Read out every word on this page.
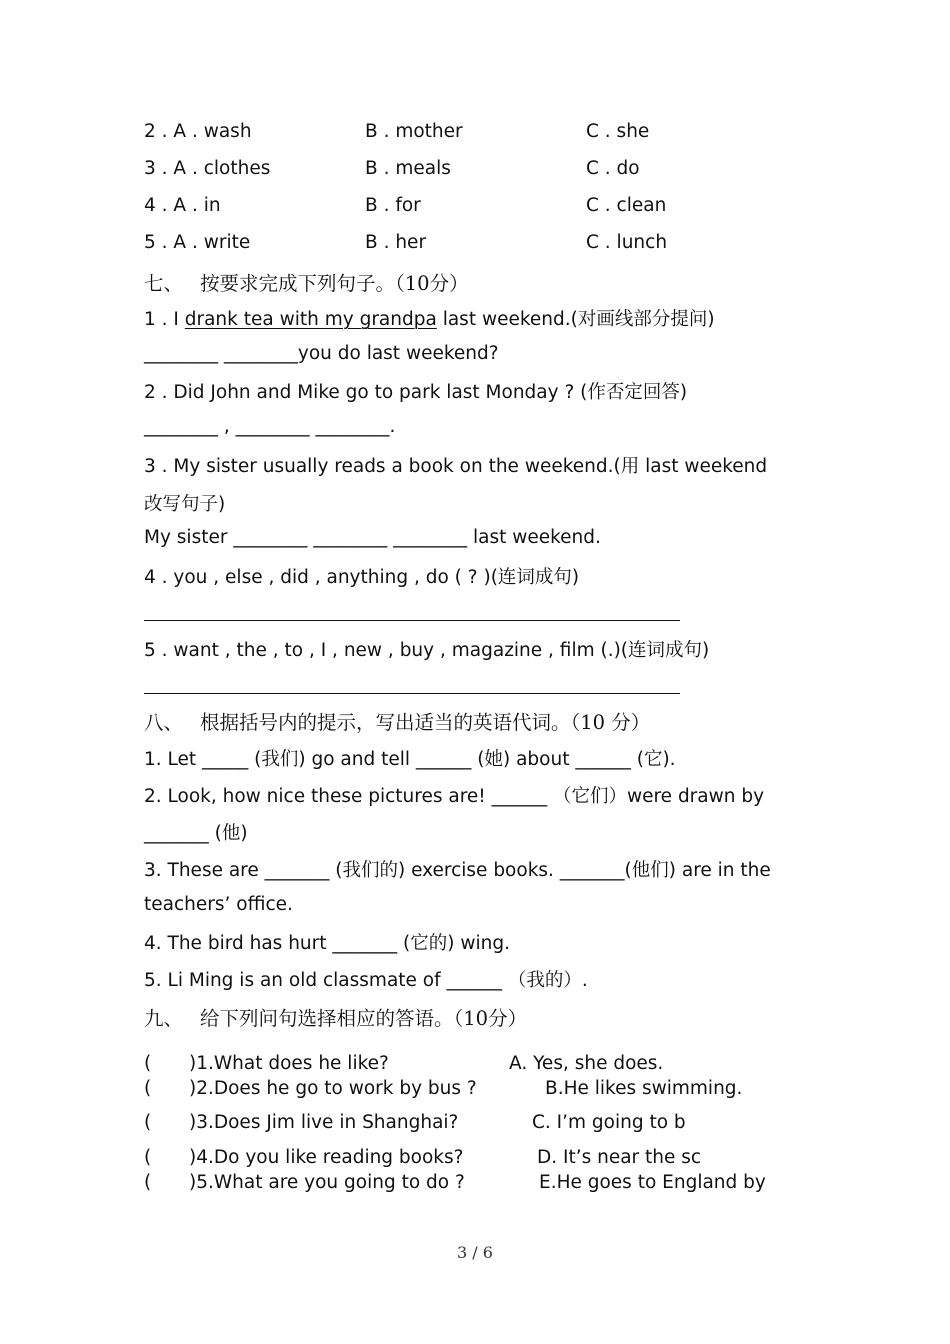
2 . A . wash	B . mother	C . she
3 . A . clothes	B . meals	C . do
4 . A . in	B . for	C . clean
5 . A . write	B . her	C . lunch
七、 按要求完成下列句子。（10分）
1 . I drank tea with my grandpa last weekend.(对画线部分提问)
________ ________you do last weekend?
2 . Did John and Mike go to park last Monday ? (作否定回答)
________ , ________ ________.
3 . My sister usually reads a book on the weekend.(用 last weekend
改写句子)
My sister ________ ________ ________ last weekend.
4 . you , else , did , anything , do ( ? )(连词成句)
5 . want , the , to , I , new , buy , magazine , film (.)(连词成句)
八、 根据括号内的提示，写出适当的英语代词。（10 分）
1. Let _____ (我们) go and tell ______ (她) about ______ (它).
2. Look, how nice these pictures are! ______ （它们）were drawn by
_______ (他)
3. These are _______ (我们的) exercise books. _______(他们) are in the
teachers’ office.
4. The bird has hurt _______ (它的) wing.
5. Li Ming is an old classmate of ______ （我的）.
九、 给下列问句选择相应的答语。（10分）
( )1.What does he like?	A. Yes, she does.
( )2.Does he go to work by bus ?	B.He likes swimming.
( )3.Does Jim live in Shanghai?	C. I’m going to b
( )4.Do you like reading books?	D. It’s near the sc
( )5.What are you going to do ?	E.He goes to England by
3 / 6
